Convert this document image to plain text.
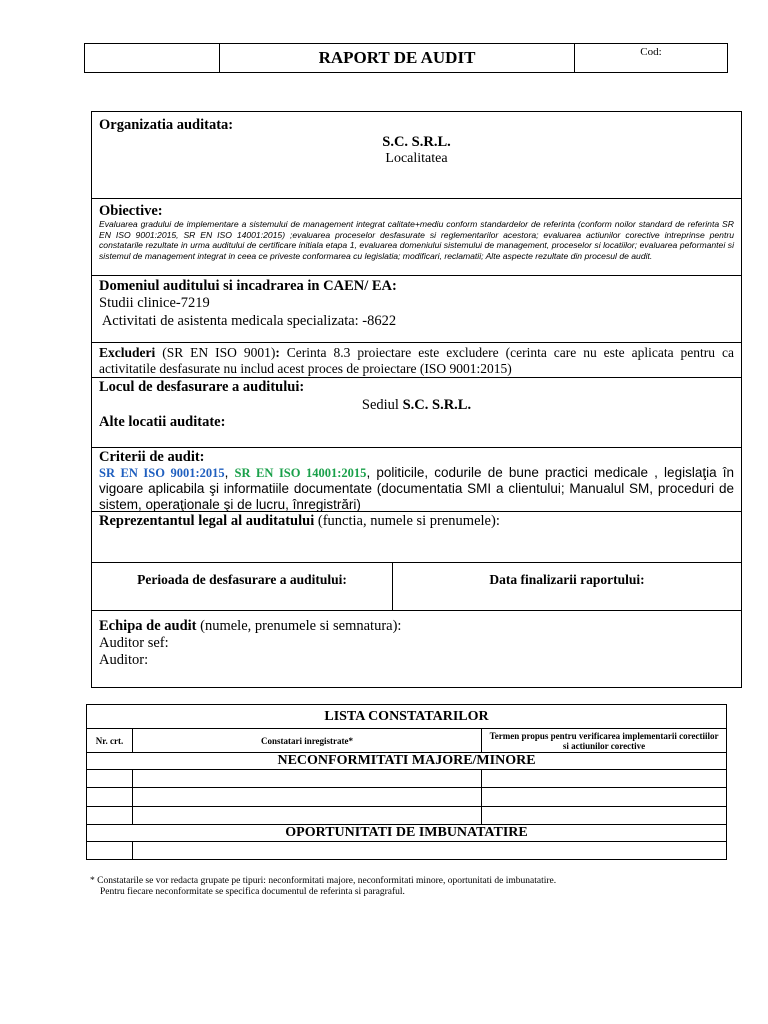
RAPORT DE AUDIT	Cod:
Organizatia auditata:
S.C. S.R.L.
Localitatea
Obiective:
Evaluarea gradului de implementare a sistemului de management integrat calitate+mediu conform standardelor de referinta (conform noilor standard de referinta SR EN ISO 9001:2015, SR EN ISO 14001:2015) ;evaluarea proceselor desfasurate si reglementarilor acestora; evaluarea actiunilor corective intreprinse pentru constatarile rezultate in urma auditului de certificare initiala etapa 1, evaluarea domeniului sistemului de management, proceselor si locatiilor; evaluarea peformantei si sistemul de management integrat in ceea ce priveste conformarea cu legislatia; modificari, reclamatii; Alte aspecte rezultate din procesul de audit.
Domeniul auditului si incadrarea in CAEN/ EA:
Studii clinice-7219
Activitati de asistenta medicala specializata: -8622
Excluderi (SR EN ISO 9001): Cerinta 8.3 proiectare este excludere (cerinta care nu este aplicata pentru ca activitatile desfasurate nu includ acest proces de proiectare (ISO 9001:2015)
Locul de desfasurare a auditului:
Sediul S.C. S.R.L.
Alte locatii auditate:
Criterii de audit:
SR EN ISO 9001:2015, SR EN ISO 14001:2015, politicile, codurile de bune practici medicale , legislaţia în vigoare aplicabila şi informatiile documentate (documentatia SMI a clientului; Manualul SM, proceduri de sistem, operaţionale şi de lucru, înregistrări)
Reprezentantul legal al auditatului (functia, numele si prenumele):
Perioada de desfasurare a auditului:	Data finalizarii raportului:
Echipa de audit (numele, prenumele si semnatura):
Auditor sef:
Auditor:
LISTA CONSTATARILOR
Nr. crt.	Constatari inregistrate*	Termen propus pentru verificarea implementarii corectiilor si actiunilor corective
NECONFORMITATI MAJORE/MINORE
OPORTUNITATI DE IMBUNATATIRE
* Constatarile se vor redacta grupate pe tipuri: neconformitati majore, neconformitati minore, oportunitati de imbunatatire.
Pentru fiecare neconformitate se specifica documentul de referinta si paragraful.
